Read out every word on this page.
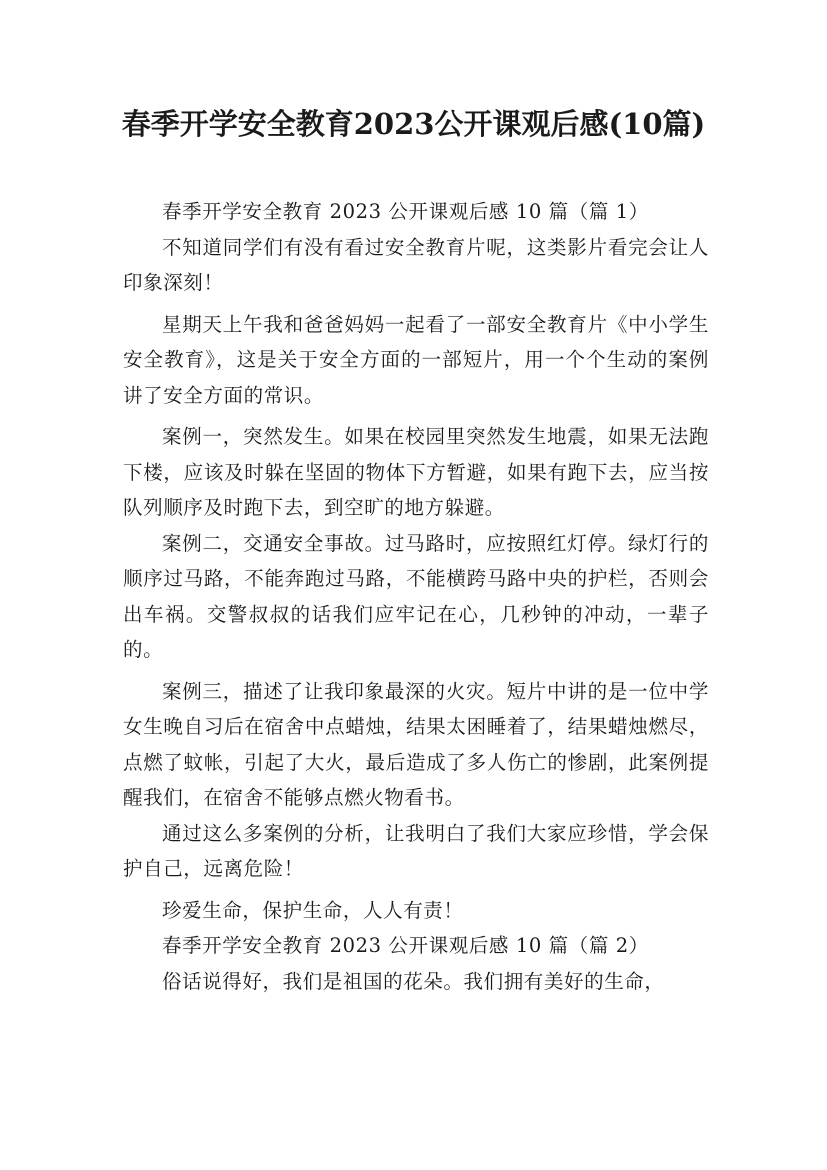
春季开学安全教育2023公开课观后感(10篇)

春季开学安全教育 2023 公开课观后感 10 篇（篇 1）

不知道同学们有没有看过安全教育片呢，这类影片看完会让人印象深刻！

星期天上午我和爸爸妈妈一起看了一部安全教育片《中小学生安全教育》，这是关于安全方面的一部短片，用一个个生动的案例讲了安全方面的常识。

案例一，突然发生。如果在校园里突然发生地震，如果无法跑下楼，应该及时躲在坚固的物体下方暂避，如果有跑下去，应当按队列顺序及时跑下去，到空旷的地方躲避。

案例二，交通安全事故。过马路时，应按照红灯停。绿灯行的顺序过马路，不能奔跑过马路，不能横跨马路中央的护栏，否则会出车祸。交警叔叔的话我们应牢记在心，几秒钟的冲动，一辈子的。

案例三，描述了让我印象最深的火灾。短片中讲的是一位中学女生晚自习后在宿舍中点蜡烛，结果太困睡着了，结果蜡烛燃尽，点燃了蚊帐，引起了大火，最后造成了多人伤亡的惨剧，此案例提醒我们，在宿舍不能够点燃火物看书。

通过这么多案例的分析，让我明白了我们大家应珍惜，学会保护自己，远离危险！

珍爱生命，保护生命，人人有责！

春季开学安全教育 2023 公开课观后感 10 篇（篇 2）

俗话说得好，我们是祖国的花朵。我们拥有美好的生命，
